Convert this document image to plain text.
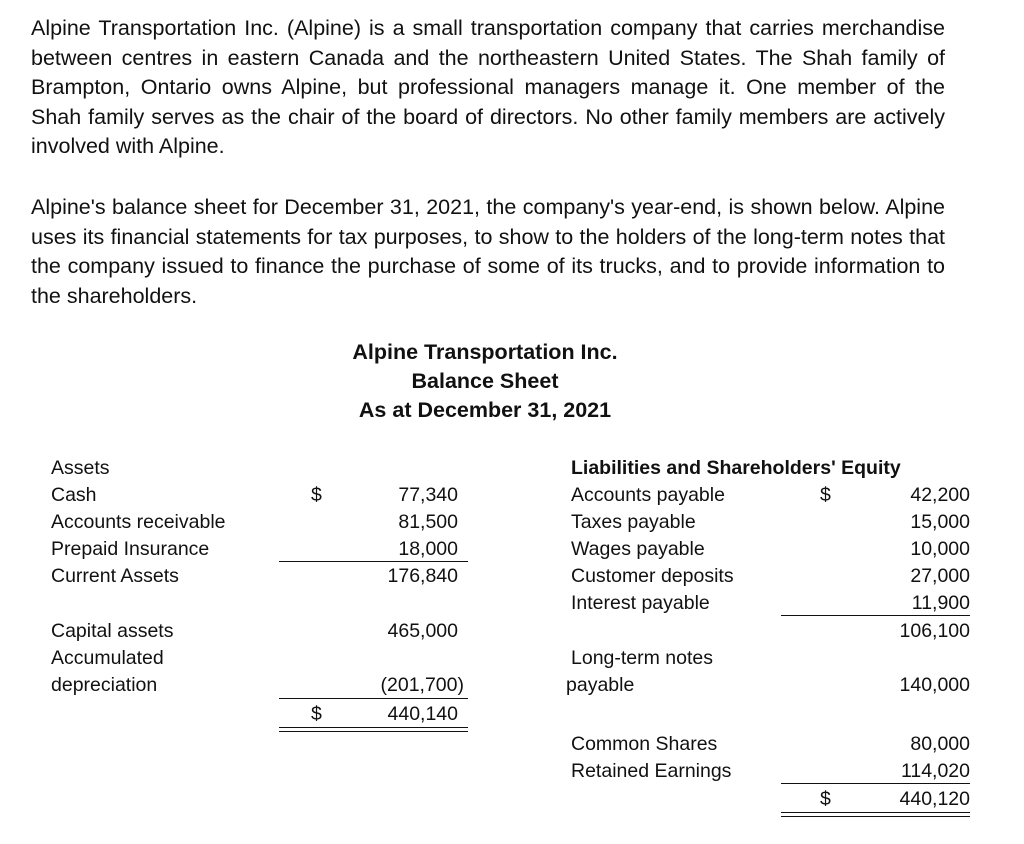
Alpine Transportation Inc. (Alpine) is a small transportation company that carries merchandise between centres in eastern Canada and the northeastern United States. The Shah family of Brampton, Ontario owns Alpine, but professional managers manage it. One member of the Shah family serves as the chair of the board of directors. No other family members are actively involved with Alpine.

Alpine's balance sheet for December 31, 2021, the company's year-end, is shown below. Alpine uses its financial statements for tax purposes, to show to the holders of the long-term notes that the company issued to finance the purchase of some of its trucks, and to provide information to the shareholders.

Alpine Transportation Inc.
Balance Sheet
As at December 31, 2021
Assets
Cash	$	77,340
Accounts receivable	81,500
Prepaid Insurance	18,000
Current Assets	176,840
Capital assets	465,000
Accumulated
depreciation	(201,700)
$	440,140
Liabilities and Shareholders' Equity
Accounts payable	$	42,200
Taxes payable	15,000
Wages payable	10,000
Customer deposits	27,000
Interest payable	11,900
106,100
Long-term notes
payable	140,000
Common Shares	80,000
Retained Earnings	114,020
$	440,120
